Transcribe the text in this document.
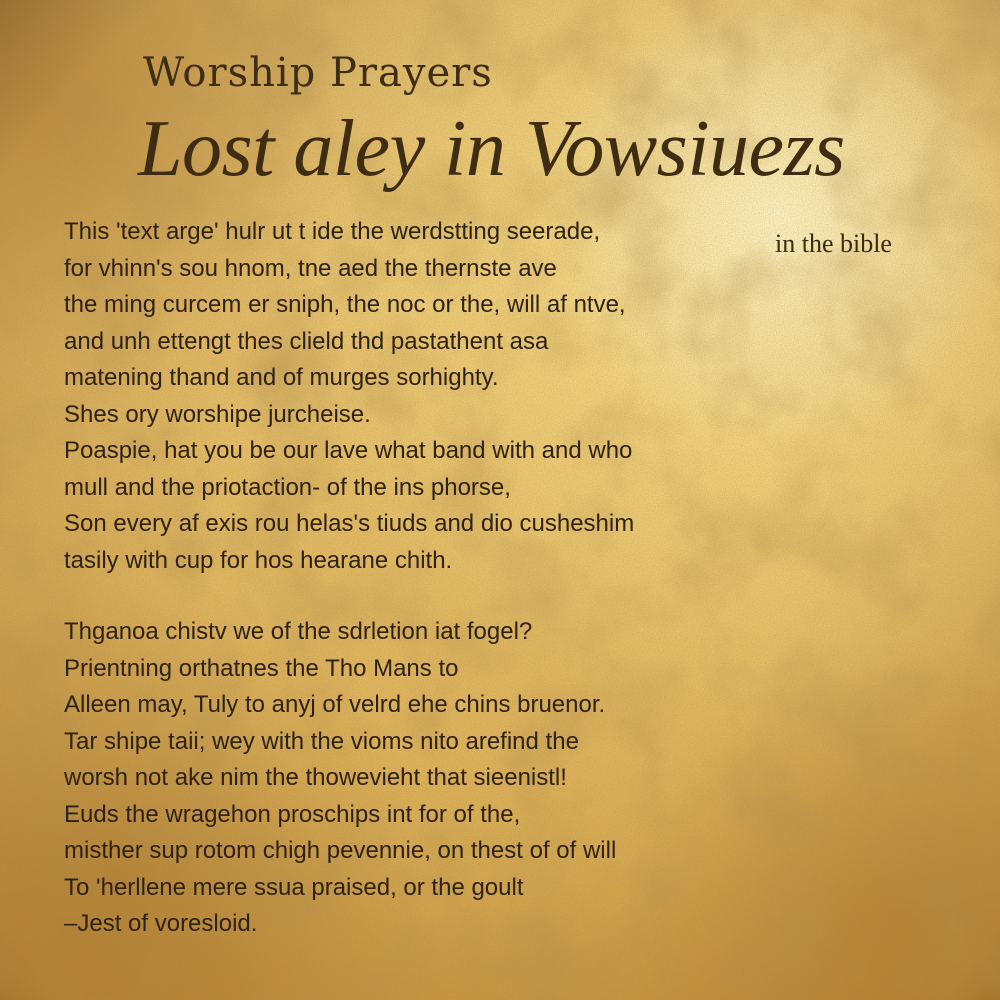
Worship Prayers
Lost aley in Vowsiuezs

in the bible

This 'text arge' hulr ut t ide the werdstting seerade,
for vhinn's sou hnom, tne aed the thernste ave
the ming curcem er sniph, the noc or the, will af ntve,
and unh ettengt thes clield thd pastathent asa
matening thand and of murges sorhighty.
Shes ory worshipe jurcheise.
Poaspie, hat you be our lave what band with and who
mull and the priotaction- of the ins phorse,
Son every af exis rou helas's tiuds and dio cusheshim
tasily with cup for hos hearane chith.
Thganoa chistv we of the sdrletion iat fogel?
Prientning orthatnes the Tho Mans to
Alleen may, Tuly to anyj of velrd ehe chins bruenor.
Tar shipe taii; wey with the vioms nito arefind the
worsh not ake nim the thowevieht that sieenistl!
Euds the wragehon proschips int for of the,
misther sup rotom chigh pevennie, on thest of of will
To 'herllene mere ssua praised, or the goult
–Jest of voresloid.
